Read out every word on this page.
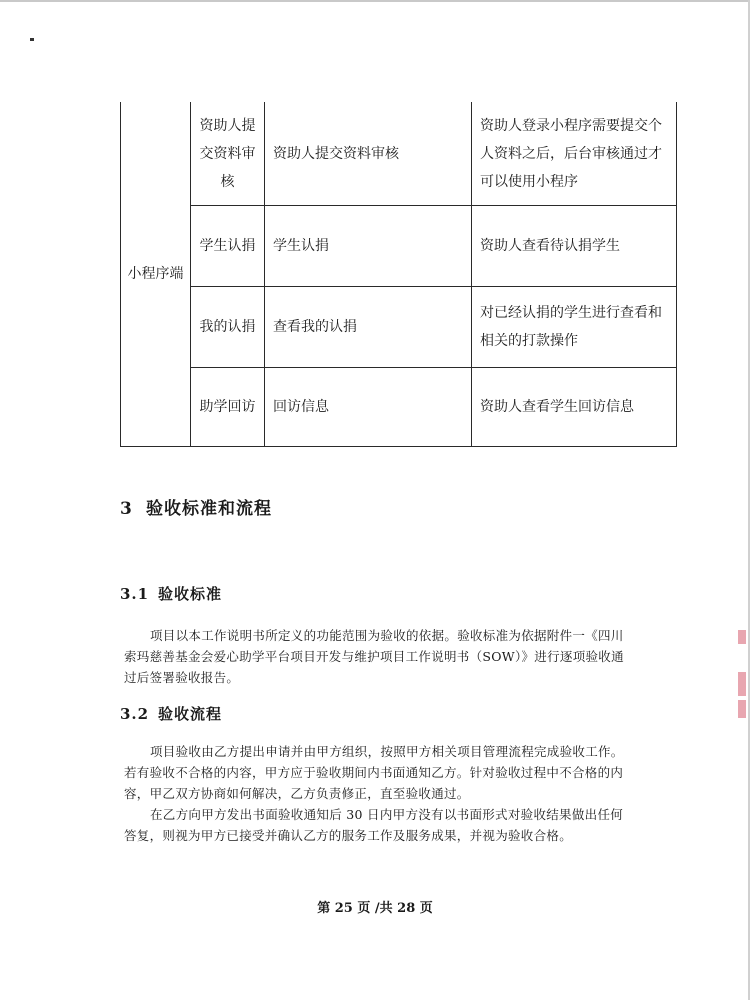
小程序端	资助人提交资料审核	资助人提交资料审核	资助人登录小程序需要提交个人资料之后，后台审核通过才可以使用小程序
	学生认捐	学生认捐	资助人查看待认捐学生
	我的认捐	查看我的认捐	对已经认捐的学生进行查看和相关的打款操作
	助学回访	回访信息	资助人查看学生回访信息
3 验收标准和流程
3.1 验收标准

项目以本工作说明书所定义的功能范围为验收的依据。验收标准为依据附件一《四川索玛慈善基金会爱心助学平台项目开发与维护项目工作说明书（SOW）》进行逐项验收通过后签署验收报告。

3.2 验收流程

项目验收由乙方提出申请并由甲方组织，按照甲方相关项目管理流程完成验收工作。若有验收不合格的内容，甲方应于验收期间内书面通知乙方。针对验收过程中不合格的内容，甲乙双方协商如何解决，乙方负责修正，直至验收通过。

在乙方向甲方发出书面验收通知后 30 日内甲方没有以书面形式对验收结果做出任何答复，则视为甲方已接受并确认乙方的服务工作及服务成果，并视为验收合格。

第 25 页 /共 28 页
